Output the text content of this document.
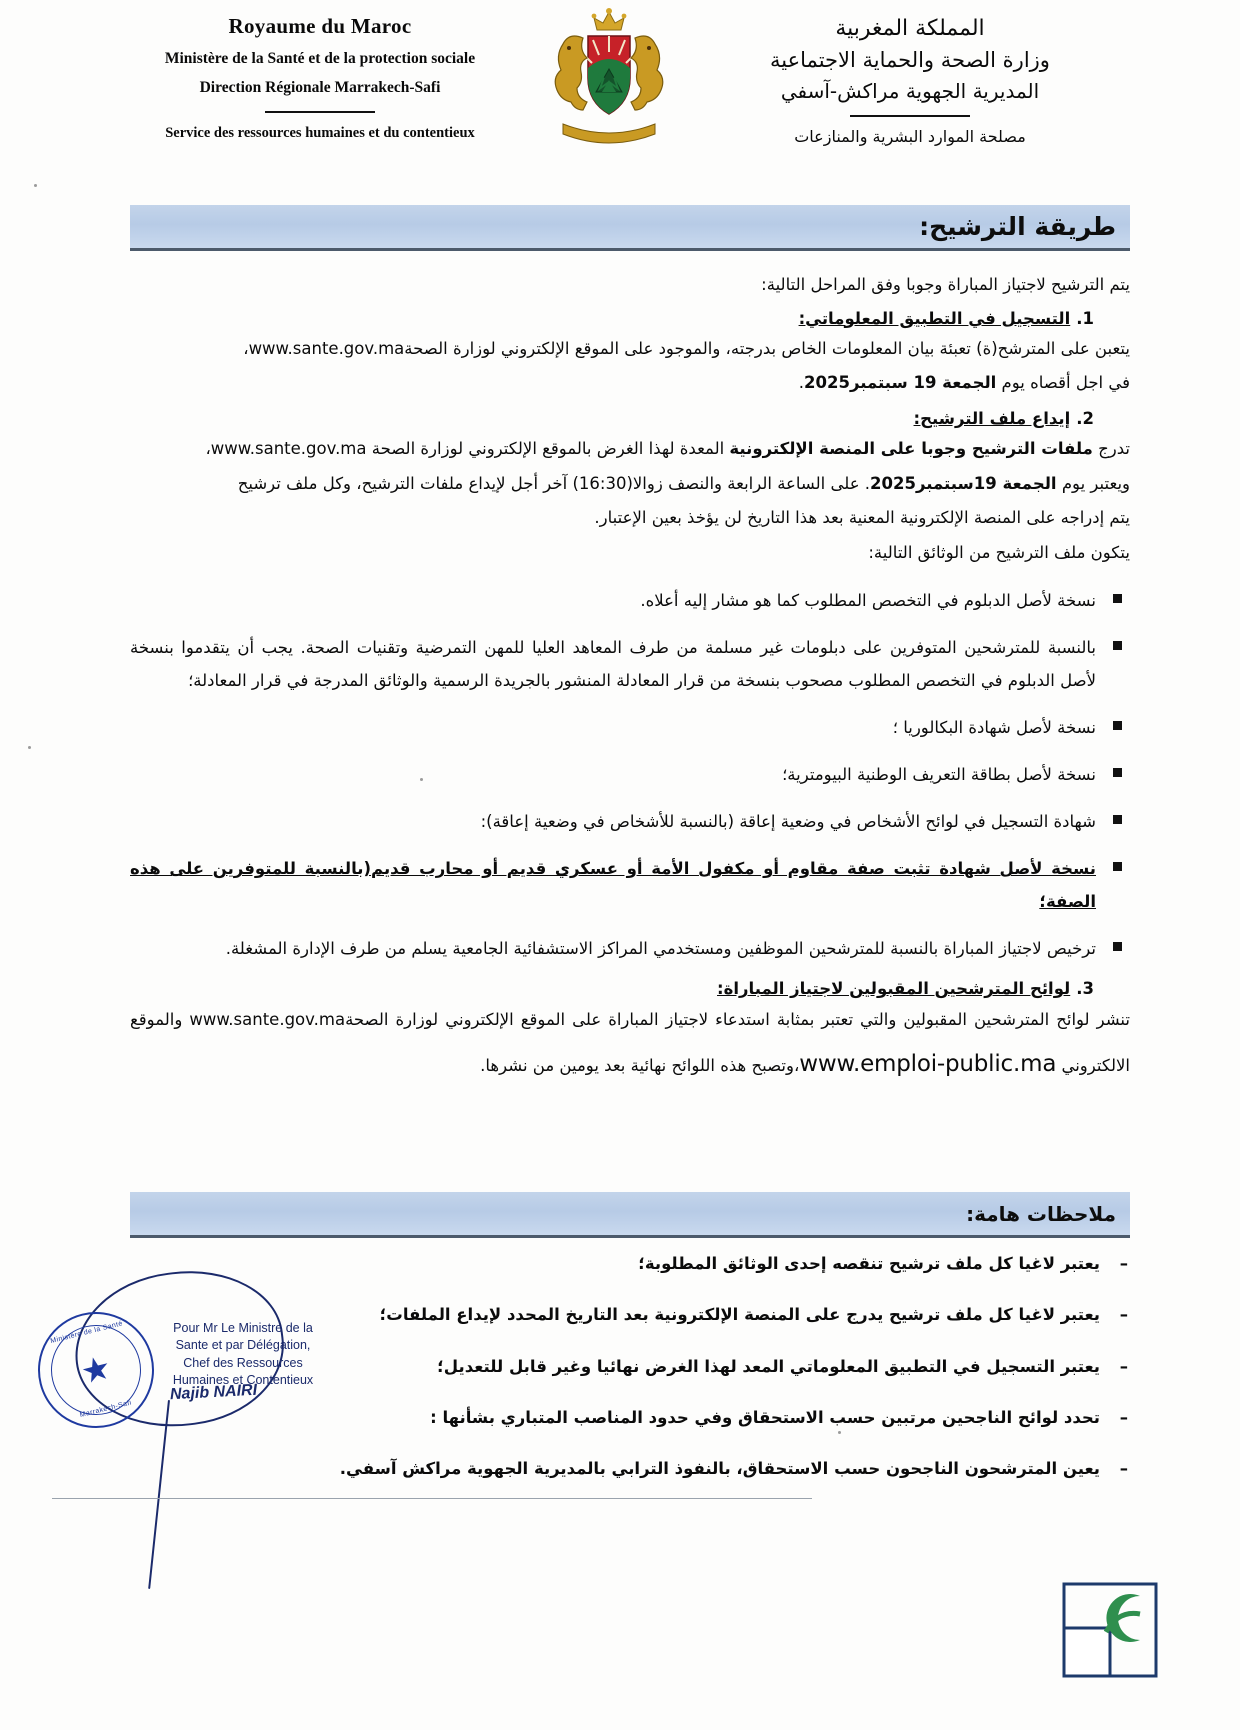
Royaume du Maroc
Ministère de la Santé et de la protection sociale
Direction Régionale Marrakech-Safi
Service des ressources humaines et du contentieux
المملكة المغربية
وزارة الصحة والحماية الاجتماعية
المديرية الجهوية مراكش-آسفي
مصلحة الموارد البشرية والمنازعات
طريقة الترشيح:

يتم الترشيح لاجتياز المباراة وجوبا وفق المراحل التالية:

1.التسجيل في التطبيق المعلوماتي:

يتعبن على المترشح(ة) تعبئة بيان المعلومات الخاص بدرجته، والموجود على الموقع الإلكتروني لوزارة الصحةwww.sante.gov.ma،

في اجل أقصاه يوم الجمعة 19 سبتمبر2025.

2.إيداع ملف الترشيح:

تدرج ملفات الترشيح وجوبا على المنصة الإلكترونية المعدة لهذا الغرض بالموقع الإلكتروني لوزارة الصحة www.sante.gov.ma،

ويعتبر يوم الجمعة 19سبتمبر2025. على الساعة الرابعة والنصف زوالا(16:30) آخر أجل لإيداع ملفات الترشيح، وكل ملف ترشيح

يتم إدراجه على المنصة الإلكترونية المعنية بعد هذا التاريخ لن يؤخذ بعين الإعتبار.

يتكون ملف الترشيح من الوثائق التالية:

نسخة لأصل الدبلوم في التخصص المطلوب كما هو مشار إليه أعلاه.
بالنسبة للمترشحين المتوفرين على دبلومات غير مسلمة من طرف المعاهد العليا للمهن التمرضية وتقنيات الصحة. يجب أن يتقدموا بنسخة لأصل الدبلوم في التخصص المطلوب مصحوب بنسخة من قرار المعادلة المنشور بالجريدة الرسمية والوثائق المدرجة في قرار المعادلة؛
نسخة لأصل شهادة البكالوريا ؛
نسخة لأصل بطاقة التعريف الوطنية البيومترية؛
شهادة التسجيل في لوائح الأشخاص في وضعية إعاقة (بالنسبة للأشخاص في وضعية إعاقة):
نسخة لأصل شهادة تثبت صفة مقاوم أو مكفول الأمة أو عسكري قديم أو محارب قديم(بالنسبة للمتوفرين على هذه الصفة؛
ترخيص لاجتياز المباراة بالنسبة للمترشحين الموظفين ومستخدمي المراكز الاستشفائية الجامعية يسلم من طرف الإدارة المشغلة.

3.لوائح المترشحين المقبولين لاجتياز المباراة:

تنشر لوائح المترشحين المقبولين والتي تعتبر بمثابة استدعاء لاجتياز المباراة على الموقع الإلكتروني لوزارة الصحةwww.sante.gov.ma والموقع الالكتروني www.emploi-public.ma،وتصبح هذه اللوائح نهائية بعد يومين من نشرها.

ملاحظات هامة:
–
يعتبر لاغيا كل ملف ترشيح تنقصه إحدى الوثائق المطلوبة؛
–
يعتبر لاغيا كل ملف ترشيح يدرج على المنصة الإلكترونية بعد التاريخ المحدد لإيداع الملفات؛
–
يعتبر التسجيل في التطبيق المعلوماتي المعد لهذا الغرض نهائيا وغير قابل للتعديل؛
–
تحدد لوائح الناجحين مرتبين حسب الاستحقاق وفي حدود المناصب المتباري بشأنها :
–
يعين المترشحون الناجحون حسب الاستحقاق، بالنفوذ الترابي بالمديرية الجهوية مراكش آسفي.
Ministère de la Santé
★
Marrakech-Safi
Pour Mr Le Ministre de la
Sante et par Délégation,
Chef des Ressources
Humaines et Contentieux
Najib NAIRI
